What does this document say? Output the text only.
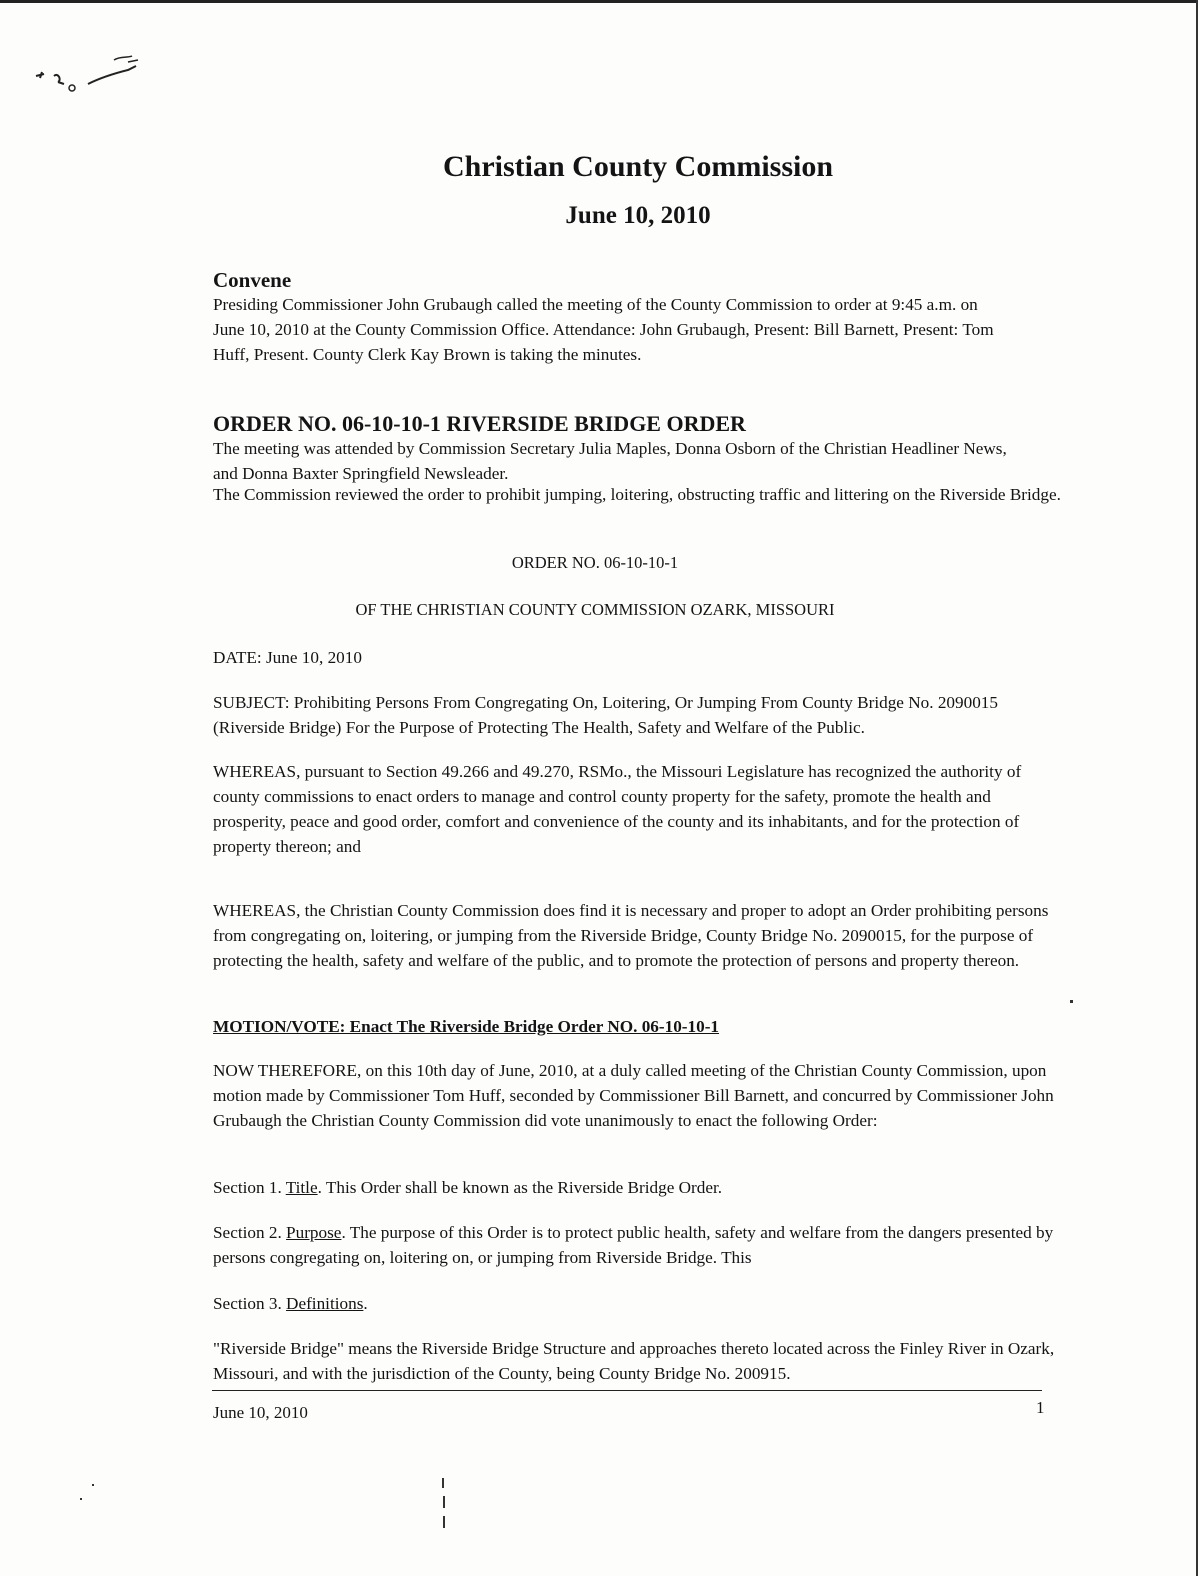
Christian County Commission
June 10, 2010
Convene
Presiding Commissioner John Grubaugh called the meeting of the County Commission to order at 9:45 a.m. on June 10, 2010 at the County Commission Office. Attendance: John Grubaugh, Present: Bill Barnett, Present: Tom Huff, Present. County Clerk Kay Brown is taking the minutes.
ORDER NO. 06-10-10-1 RIVERSIDE BRIDGE ORDER
The meeting was attended by Commission Secretary Julia Maples, Donna Osborn of the Christian Headliner News, and Donna Baxter Springfield Newsleader.
The Commission reviewed the order to prohibit jumping, loitering, obstructing traffic and littering on the Riverside Bridge.
ORDER NO. 06-10-10-1
OF THE CHRISTIAN COUNTY COMMISSION OZARK, MISSOURI
DATE: June 10, 2010
SUBJECT: Prohibiting Persons From Congregating On, Loitering, Or Jumping From County Bridge No. 2090015 (Riverside Bridge) For the Purpose of Protecting The Health, Safety and Welfare of the Public.
WHEREAS, pursuant to Section 49.266 and 49.270, RSMo., the Missouri Legislature has recognized the authority of county commissions to enact orders to manage and control county property for the safety, promote the health and prosperity, peace and good order, comfort and convenience of the county and its inhabitants, and for the protection of property thereon; and
WHEREAS, the Christian County Commission does find it is necessary and proper to adopt an Order prohibiting persons from congregating on, loitering, or jumping from the Riverside Bridge, County Bridge No. 2090015, for the purpose of protecting the health, safety and welfare of the public, and to promote the protection of persons and property thereon.
MOTION/VOTE: Enact The Riverside Bridge Order NO. 06-10-10-1
NOW THEREFORE, on this 10th day of June, 2010, at a duly called meeting of the Christian County Commission, upon motion made by Commissioner Tom Huff, seconded by Commissioner Bill Barnett, and concurred by Commissioner John Grubaugh the Christian County Commission did vote unanimously to enact the following Order:
Section 1. Title. This Order shall be known as the Riverside Bridge Order.
Section 2. Purpose. The purpose of this Order is to protect public health, safety and welfare from the dangers presented by persons congregating on, loitering on, or jumping from Riverside Bridge. This
Section 3. Definitions.
"Riverside Bridge" means the Riverside Bridge Structure and approaches thereto located across the Finley River in Ozark, Missouri, and with the jurisdiction of the County, being County Bridge No. 200915.
June 10, 2010	1
